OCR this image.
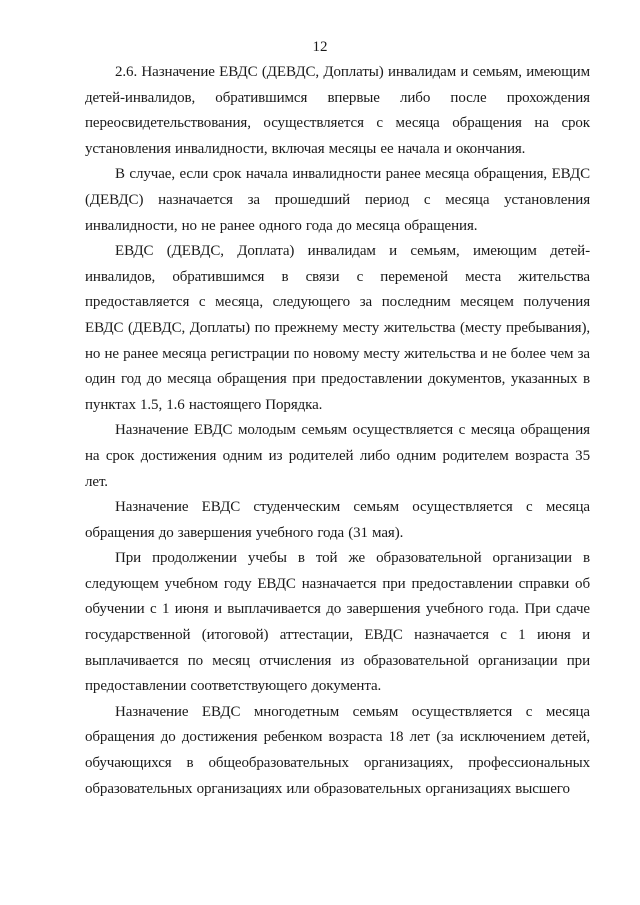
12

2.6. Назначение ЕВДС (ДЕВДС, Доплаты) инвалидам и семьям, имеющим детей-инвалидов, обратившимся впервые либо после прохождения переосвидетельствования, осуществляется с месяца обращения на срок установления инвалидности, включая месяцы ее начала и окончания.

В случае, если срок начала инвалидности ранее месяца обращения, ЕВДС (ДЕВДС) назначается за прошедший период с месяца установления инвалидности, но не ранее одного года до месяца обращения.

ЕВДС (ДЕВДС, Доплата) инвалидам и семьям, имеющим детей-инвалидов, обратившимся в связи с переменой места жительства предоставляется с месяца, следующего за последним месяцем получения ЕВДС (ДЕВДС, Доплаты) по прежнему месту жительства (месту пребывания), но не ранее месяца регистрации по новому месту жительства и не более чем за один год до месяца обращения при предоставлении документов, указанных в пунктах 1.5, 1.6 настоящего Порядка.

Назначение ЕВДС молодым семьям осуществляется с месяца обращения на срок достижения одним из родителей либо одним родителем возраста 35 лет.

Назначение ЕВДС студенческим семьям осуществляется с месяца обращения до завершения учебного года (31 мая).

При продолжении учебы в той же образовательной организации в следующем учебном году ЕВДС назначается при предоставлении справки об обучении с 1 июня и выплачивается до завершения учебного года. При сдаче государственной (итоговой) аттестации, ЕВДС назначается с 1 июня и выплачивается по месяц отчисления из образовательной организации при предоставлении соответствующего документа.

Назначение ЕВДС многодетным семьям осуществляется с месяца обращения до достижения ребенком возраста 18 лет (за исключением детей, обучающихся в общеобразовательных организациях, профессиональных образовательных организациях или образовательных организациях высшего
